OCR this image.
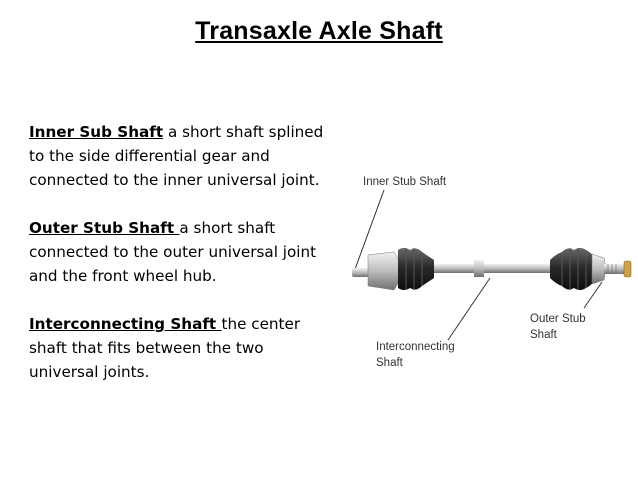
Transaxle Axle Shaft

Inner Sub Shaft a short shaft splined to the side differential gear and connected to the inner universal joint.

Outer Stub Shaft a short shaft connected to the outer universal joint and the front wheel hub.

Interconnecting Shaft the center shaft that fits between the two universal joints.

Inner Stub Shaft
Interconnecting
Shaft
Outer Stub
Shaft
